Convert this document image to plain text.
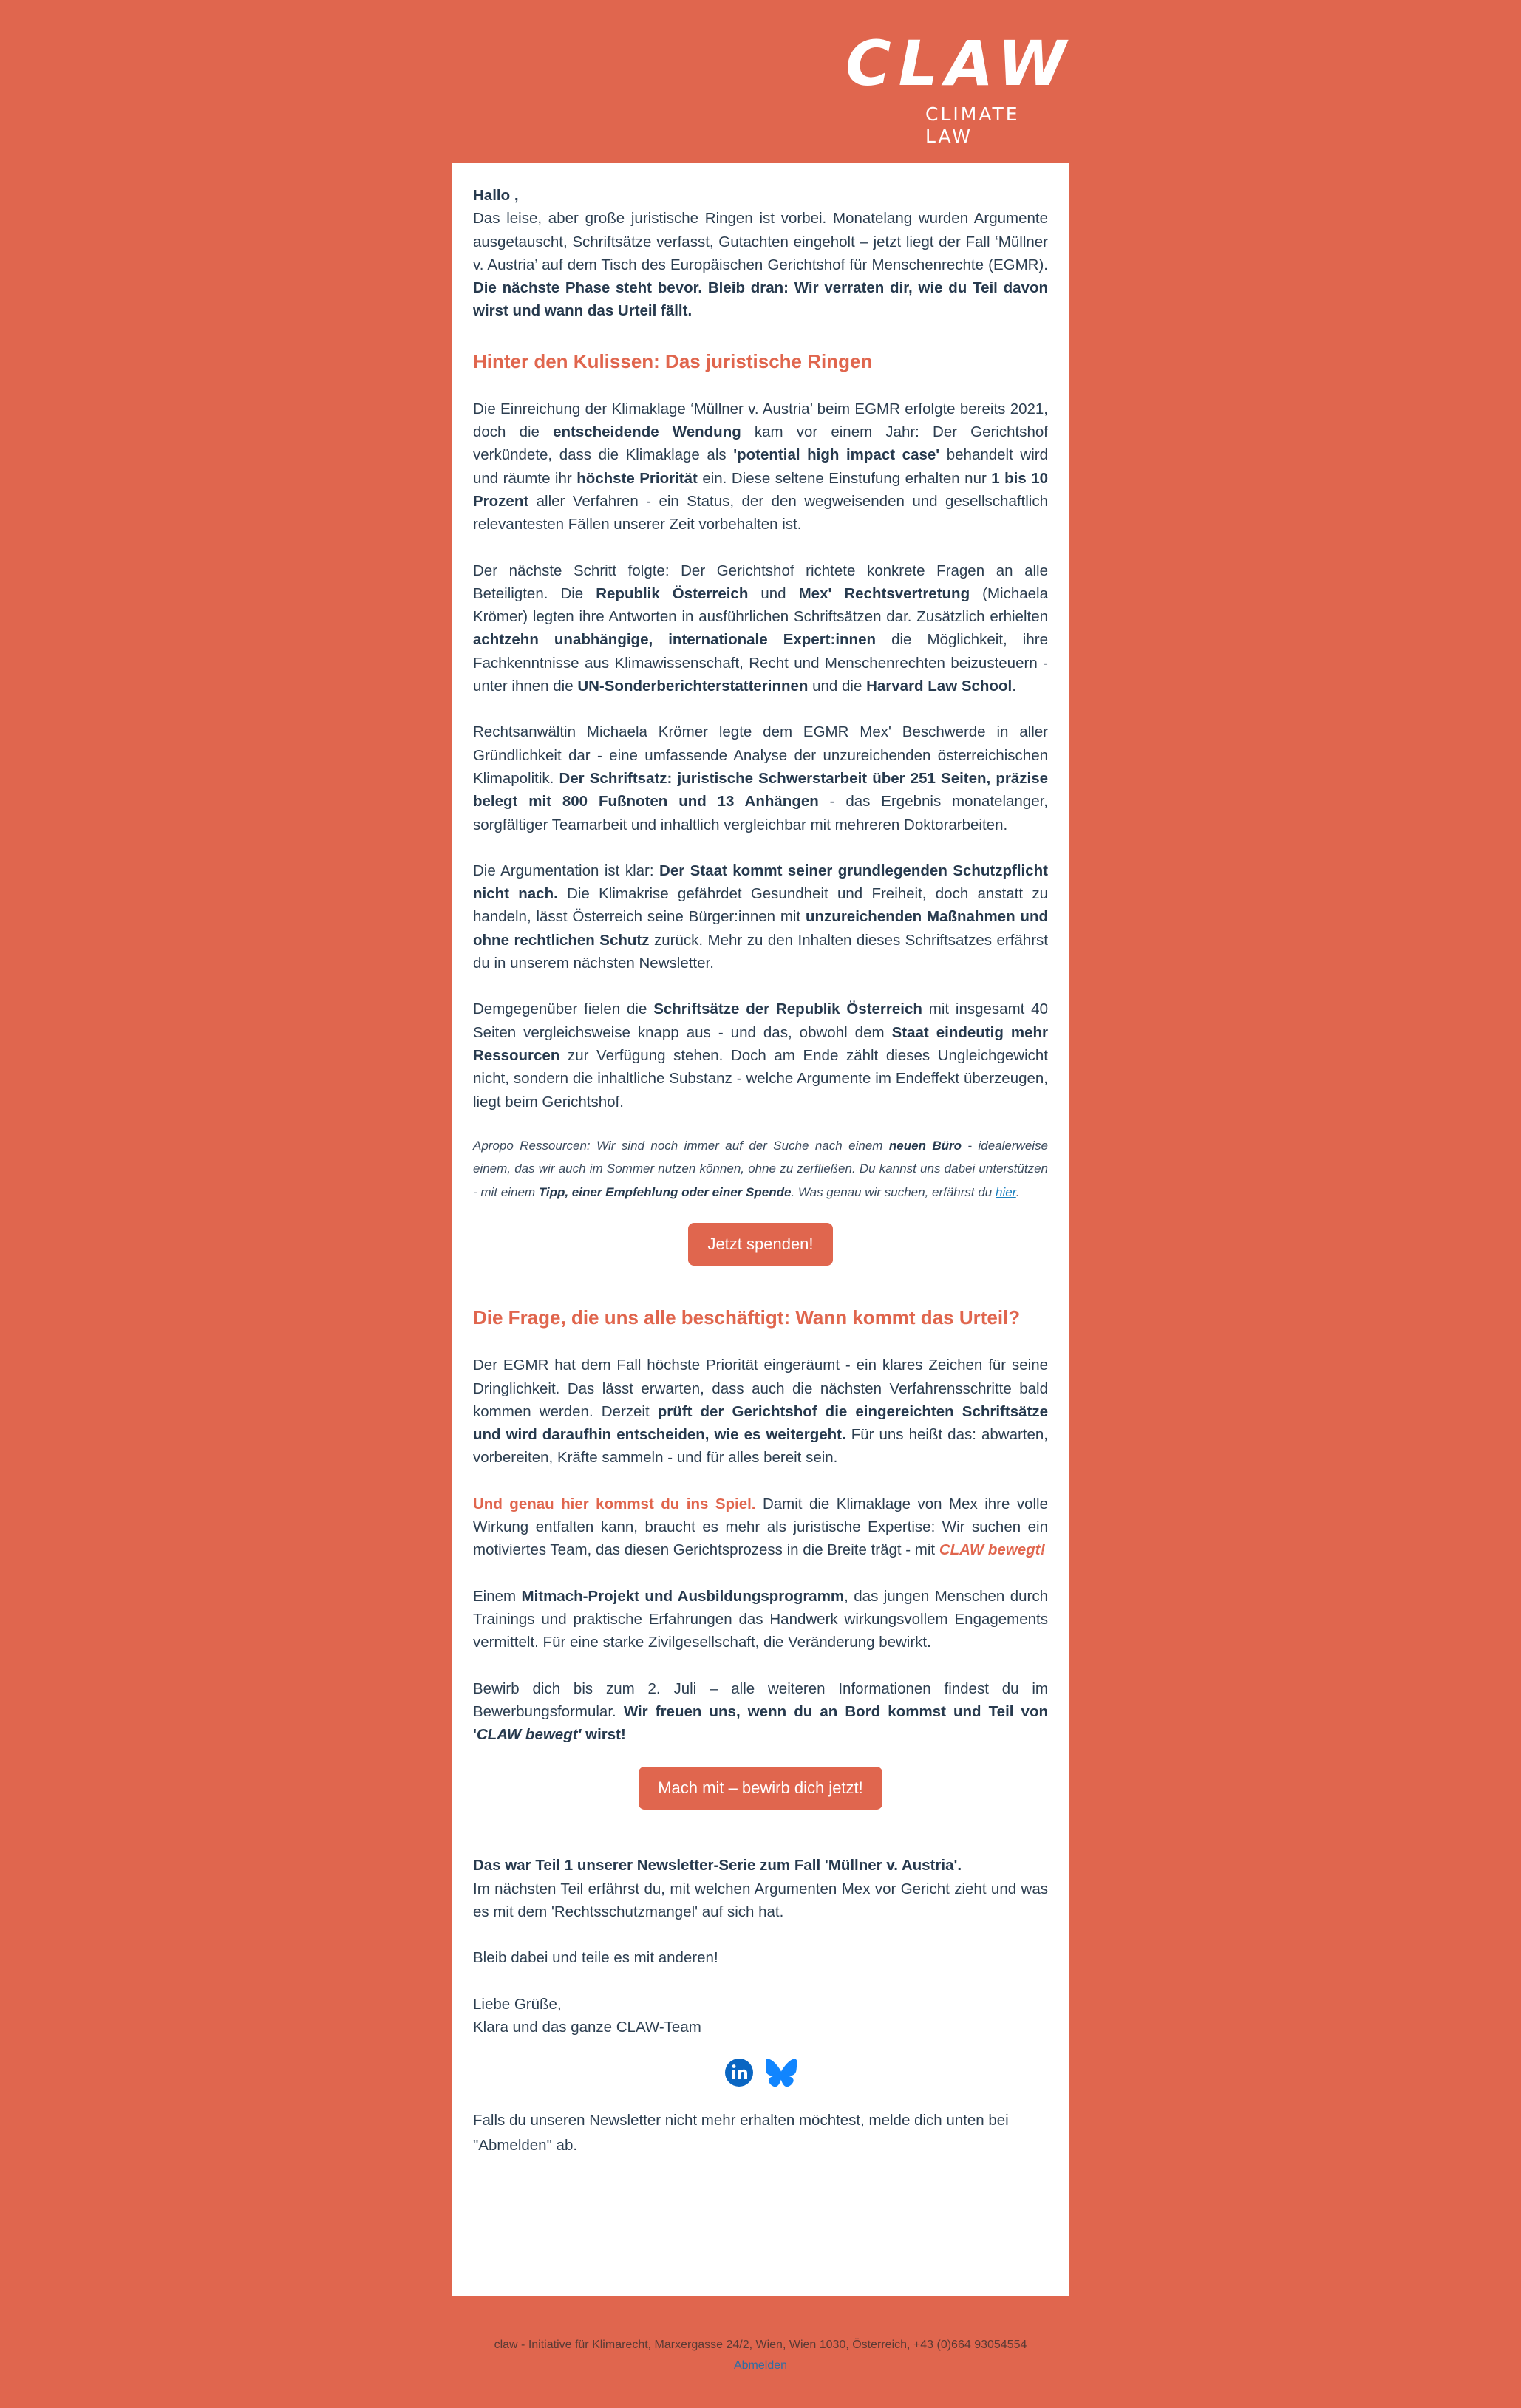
CLAW
CLIMATE
LAW

Hallo ,

Das leise, aber große juristische Ringen ist vorbei. Monatelang wurden Argumente ausgetauscht, Schriftsätze verfasst, Gutachten eingeholt – jetzt liegt der Fall ‘Müllner v. Austria’ auf dem Tisch des Europäischen Gerichtshof für Menschenrechte (EGMR). Die nächste Phase steht bevor. Bleib dran: Wir verraten dir, wie du Teil davon wirst und wann das Urteil fällt.

Hinter den Kulissen: Das juristische Ringen

Die Einreichung der Klimaklage ‘Müllner v. Austria’ beim EGMR erfolgte bereits 2021, doch die entscheidende Wendung kam vor einem Jahr: Der Gerichtshof verkündete, dass die Klimaklage als 'potential high impact case' behandelt wird und räumte ihr höchste Priorität ein. Diese seltene Einstufung erhalten nur 1 bis 10 Prozent aller Verfahren - ein Status, der den wegweisenden und gesellschaftlich relevantesten Fällen unserer Zeit vorbehalten ist.

Der nächste Schritt folgte: Der Gerichtshof richtete konkrete Fragen an alle Beteiligten. Die Republik Österreich und Mex' Rechtsvertretung (Michaela Krömer) legten ihre Antworten in ausführlichen Schriftsätzen dar. Zusätzlich erhielten achtzehn unabhängige, internationale Expert:innen die Möglichkeit, ihre Fachkenntnisse aus Klimawissenschaft, Recht und Menschenrechten beizusteuern - unter ihnen die UN-Sonderberichterstatterinnen und die Harvard Law School.

Rechtsanwältin Michaela Krömer legte dem EGMR Mex' Beschwerde in aller Gründlichkeit dar - eine umfassende Analyse der unzureichenden österreichischen Klimapolitik. Der Schriftsatz: juristische Schwerstarbeit über 251 Seiten, präzise belegt mit 800 Fußnoten und 13 Anhängen - das Ergebnis monatelanger, sorgfältiger Teamarbeit und inhaltlich vergleichbar mit mehreren Doktorarbeiten.

Die Argumentation ist klar: Der Staat kommt seiner grundlegenden Schutzpflicht nicht nach. Die Klimakrise gefährdet Gesundheit und Freiheit, doch anstatt zu handeln, lässt Österreich seine Bürger:innen mit unzureichenden Maßnahmen und ohne rechtlichen Schutz zurück. Mehr zu den Inhalten dieses Schriftsatzes erfährst du in unserem nächsten Newsletter.

Demgegenüber fielen die Schriftsätze der Republik Österreich mit insgesamt 40 Seiten vergleichsweise knapp aus - und das, obwohl dem Staat eindeutig mehr Ressourcen zur Verfügung stehen. Doch am Ende zählt dieses Ungleichgewicht nicht, sondern die inhaltliche Substanz - welche Argumente im Endeffekt überzeugen, liegt beim Gerichtshof.

Apropo Ressourcen: Wir sind noch immer auf der Suche nach einem neuen Büro - idealerweise einem, das wir auch im Sommer nutzen können, ohne zu zerfließen. Du kannst uns dabei unterstützen - mit einem Tipp, einer Empfehlung oder einer Spende. Was genau wir suchen, erfährst du hier.

Jetzt spenden!
Die Frage, die uns alle beschäftigt: Wann kommt das Urteil?

Der EGMR hat dem Fall höchste Priorität eingeräumt - ein klares Zeichen für seine Dringlichkeit. Das lässt erwarten, dass auch die nächsten Verfahrensschritte bald kommen werden. Derzeit prüft der Gerichtshof die eingereichten Schriftsätze und wird daraufhin entscheiden, wie es weitergeht. Für uns heißt das: abwarten, vorbereiten, Kräfte sammeln - und für alles bereit sein.

Und genau hier kommst du ins Spiel. Damit die Klimaklage von Mex ihre volle Wirkung entfalten kann, braucht es mehr als juristische Expertise: Wir suchen ein motiviertes Team, das diesen Gerichtsprozess in die Breite trägt - mit CLAW bewegt!

Einem Mitmach-Projekt und Ausbildungsprogramm, das jungen Menschen durch Trainings und praktische Erfahrungen das Handwerk wirkungsvollem Engagements vermittelt. Für eine starke Zivilgesellschaft, die Veränderung bewirkt.

Bewirb dich bis zum 2. Juli – alle weiteren Informationen findest du im Bewerbungsformular. Wir freuen uns, wenn du an Bord kommst und Teil von 'CLAW bewegt' wirst!

Mach mit – bewirb dich jetzt!

Das war Teil 1 unserer Newsletter-Serie zum Fall 'Müllner v. Austria'.

Im nächsten Teil erfährst du, mit welchen Argumenten Mex vor Gericht zieht und was es mit dem 'Rechtsschutzmangel' auf sich hat.

Bleib dabei und teile es mit anderen!

Liebe Grüße,

Klara und das ganze CLAW-Team

Falls du unseren Newsletter nicht mehr erhalten möchtest, melde dich unten bei "Abmelden" ab.

claw - Initiative für Klimarecht, Marxergasse 24/2, Wien, Wien 1030, Österreich, +43 (0)664 93054554
Abmelden
